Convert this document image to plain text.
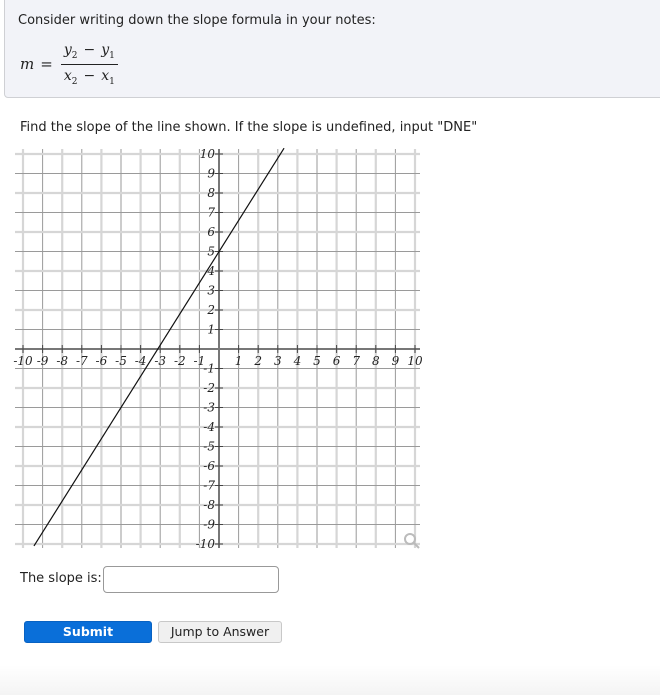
Consider writing down the slope formula in your notes:
$m = \frac{y_2 - y_1}{x_2 - x_1}$
Find the slope of the line shown. If the slope is undefined, input "DNE"
-10 -9 -8 -7 -6 -5 -4 -3 -2 -1 1 2 3 4 5 6 7 8 9 10
-10
-9
-8
-7
-6
-5
-4
-3
-2
-1
1
2
3
4
5
6
7
8
9
10
The slope is:
Submit Question
Jump to Answer
